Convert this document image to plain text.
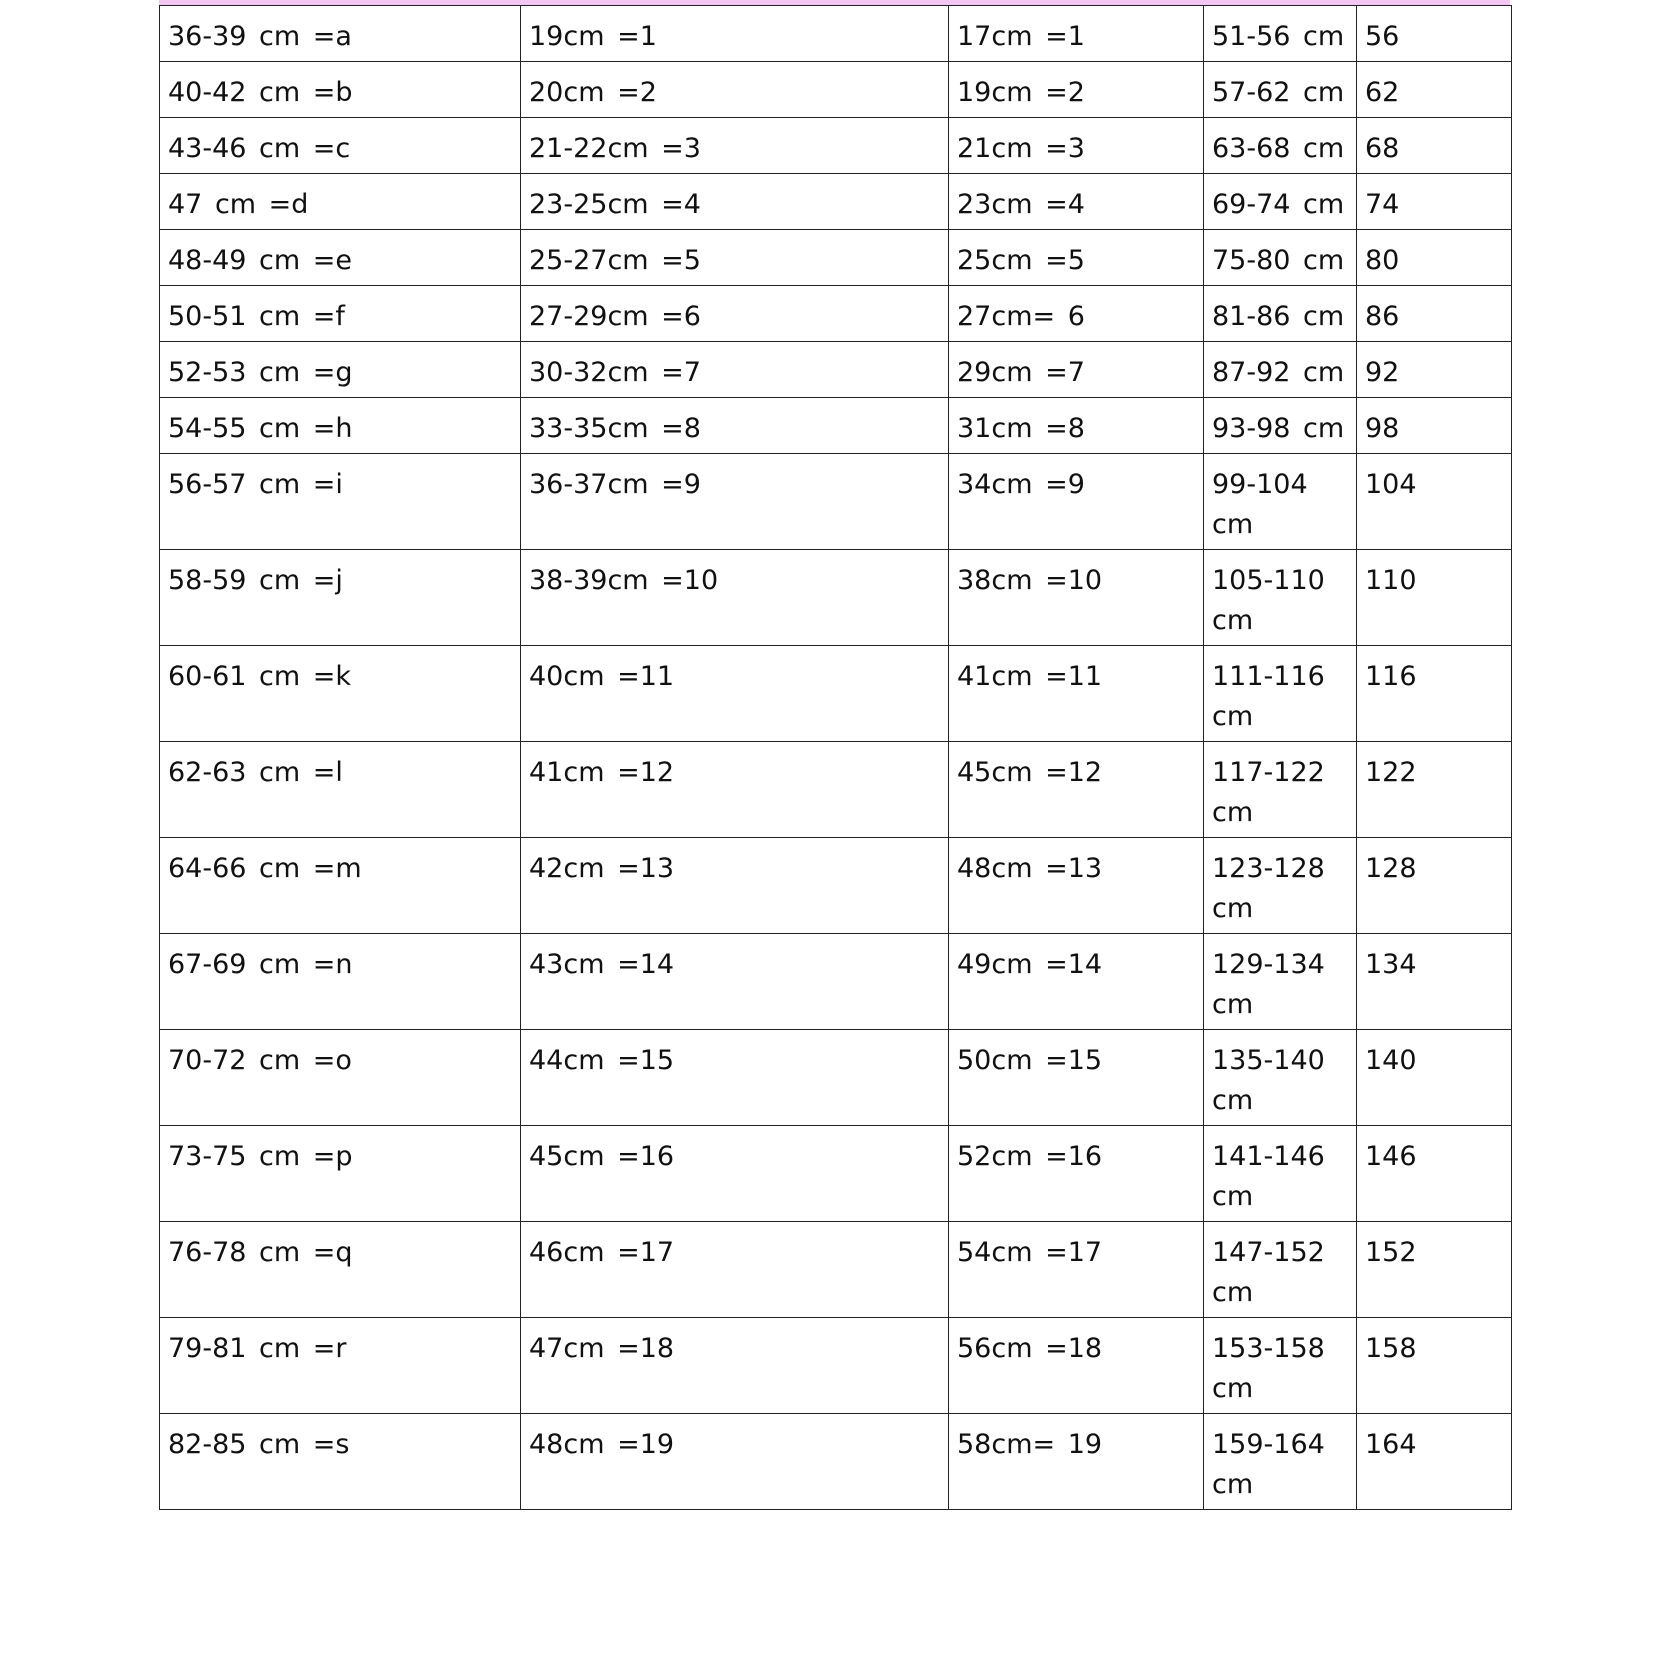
36-39 cm =a	19cm =1	17cm =1	51-56 cm	56
40-42 cm =b	20cm =2	19cm =2	57-62 cm	62
43-46 cm =c	21-22cm =3	21cm =3	63-68 cm	68
47 cm =d	23-25cm =4	23cm =4	69-74 cm	74
48-49 cm =e	25-27cm =5	25cm =5	75-80 cm	80
50-51 cm =f	27-29cm =6	27cm= 6	81-86 cm	86
52-53 cm =g	30-32cm =7	29cm =7	87-92 cm	92
54-55 cm =h	33-35cm =8	31cm =8	93-98 cm	98
56-57 cm =i	36-37cm =9	34cm =9	99-104 cm	104
58-59 cm =j	38-39cm =10	38cm =10	105-110 cm	110
60-61 cm =k	40cm =11	41cm =11	111-116 cm	116
62-63 cm =l	41cm =12	45cm =12	117-122 cm	122
64-66 cm =m	42cm =13	48cm =13	123-128 cm	128
67-69 cm =n	43cm =14	49cm =14	129-134 cm	134
70-72 cm =o	44cm =15	50cm =15	135-140 cm	140
73-75 cm =p	45cm =16	52cm =16	141-146 cm	146
76-78 cm =q	46cm =17	54cm =17	147-152 cm	152
79-81 cm =r	47cm =18	56cm =18	153-158 cm	158
82-85 cm =s	48cm =19	58cm= 19	159-164 cm	164
